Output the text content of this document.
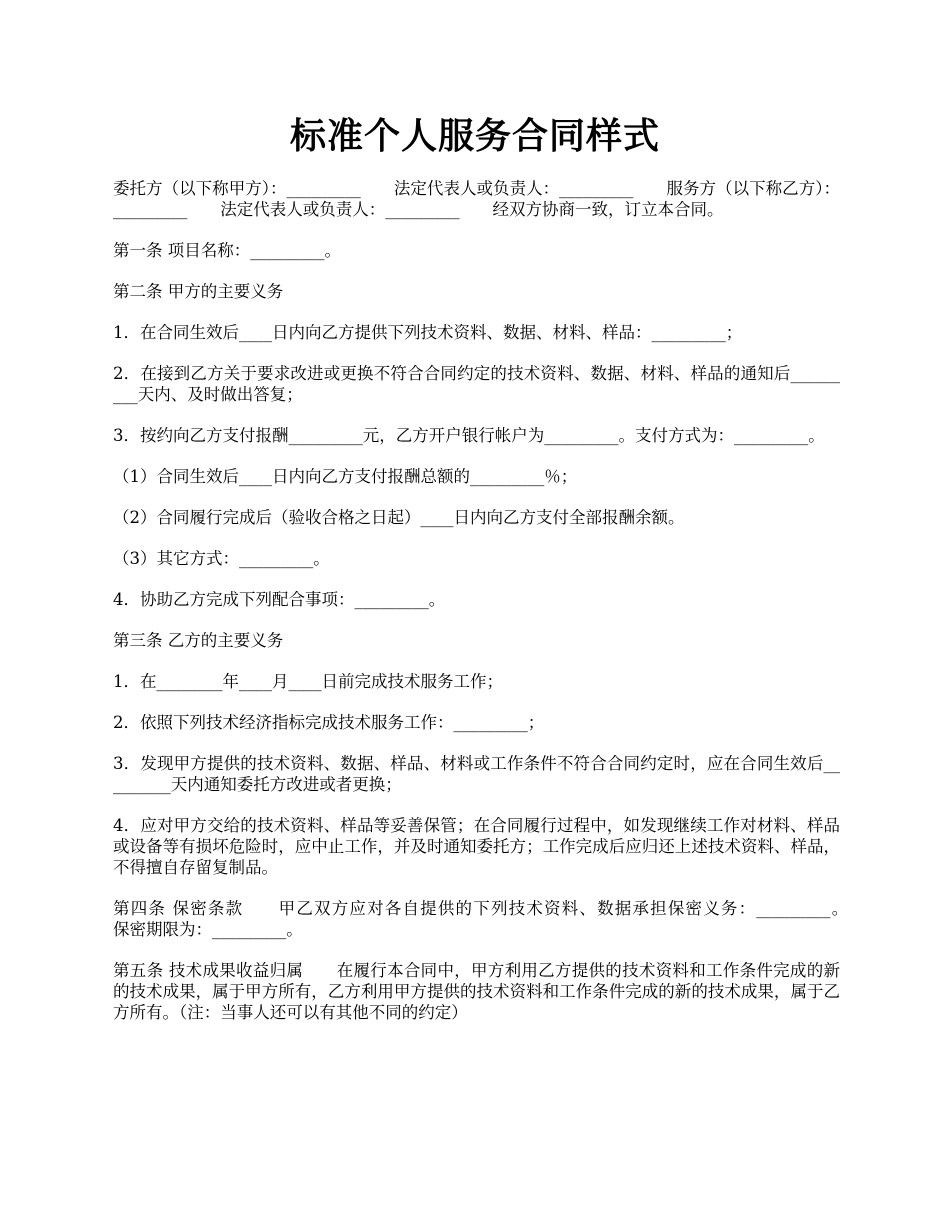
标准个人服务合同样式

委托方（以下称甲方）：_________　　法定代表人或负责人：_________　　服务方（以下称乙方）：_________　　法定代表人或负责人：_________　　经双方协商一致，订立本合同。

第一条 项目名称：_________。

第二条 甲方的主要义务

1．在合同生效后____日内向乙方提供下列技术资料、数据、材料、样品：_________；

2．在接到乙方关于要求改进或更换不符合合同约定的技术资料、数据、材料、样品的通知后_________天内、及时做出答复；

3．按约向乙方支付报酬_________元，乙方开户银行帐户为_________。支付方式为：_________。

（1）合同生效后____日内向乙方支付报酬总额的_________％；

（2）合同履行完成后（验收合格之日起）____日内向乙方支付全部报酬余额。

（3）其它方式：_________。

4．协助乙方完成下列配合事项：_________。

第三条 乙方的主要义务

1．在________年____月____日前完成技术服务工作；

2．依照下列技术经济指标完成技术服务工作：_________；

3．发现甲方提供的技术资料、数据、样品、材料或工作条件不符合合同约定时，应在合同生效后_________天内通知委托方改进或者更换；

4．应对甲方交给的技术资料、样品等妥善保管；在合同履行过程中，如发现继续工作对材料、样品或设备等有损坏危险时，应中止工作，并及时通知委托方；工作完成后应归还上述技术资料、样品，不得擅自存留复制品。

第四条 保密条款　　甲乙双方应对各自提供的下列技术资料、数据承担保密义务：_________。　　保密期限为：_________。

第五条 技术成果收益归属　　在履行本合同中，甲方利用乙方提供的技术资料和工作条件完成的新的技术成果，属于甲方所有，乙方利用甲方提供的技术资料和工作条件完成的新的技术成果，属于乙方所有。（注：当事人还可以有其他不同的约定）
